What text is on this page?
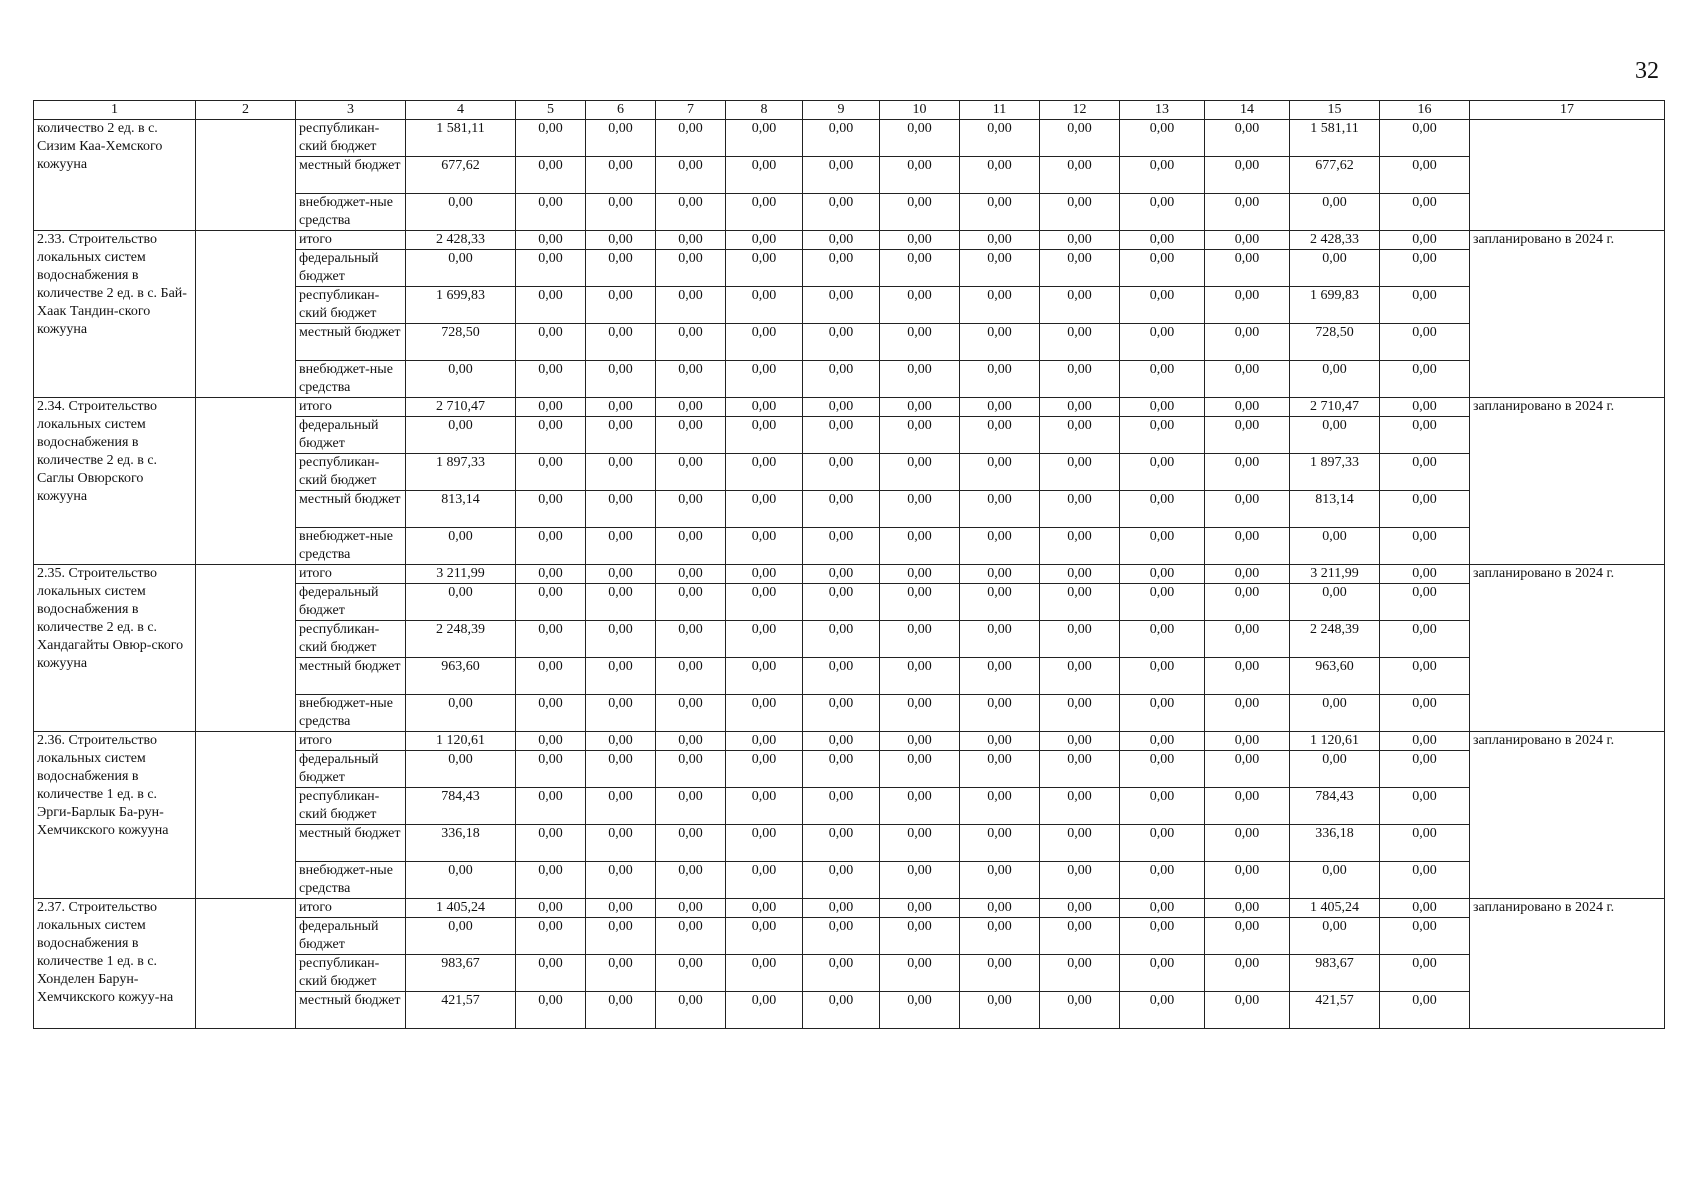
32
1	2	3	4	5	6	7	8	9	10	11	12	13	14	15	16	17
количество 2 ед. в с. Сизим Каа-Хемского кожууна		республикан-ский бюджет	1 581,11	0,00	0,00	0,00	0,00	0,00	0,00	0,00	0,00	0,00	0,00	1 581,11	0,00	
		местный бюджет	677,62	0,00	0,00	0,00	0,00	0,00	0,00	0,00	0,00	0,00	0,00	677,62	0,00	
		внебюджет-ные средства	0,00	0,00	0,00	0,00	0,00	0,00	0,00	0,00	0,00	0,00	0,00	0,00	0,00	
2.33. Строительство локальных систем водоснабжения в количестве 2 ед. в с. Бай-Хаак Тандин-ского кожууна		итого	2 428,33	0,00	0,00	0,00	0,00	0,00	0,00	0,00	0,00	0,00	0,00	2 428,33	0,00	запланировано в 2024 г.
		федеральный бюджет	0,00	0,00	0,00	0,00	0,00	0,00	0,00	0,00	0,00	0,00	0,00	0,00	0,00	
		республикан-ский бюджет	1 699,83	0,00	0,00	0,00	0,00	0,00	0,00	0,00	0,00	0,00	0,00	1 699,83	0,00	
		местный бюджет	728,50	0,00	0,00	0,00	0,00	0,00	0,00	0,00	0,00	0,00	0,00	728,50	0,00	
		внебюджет-ные средства	0,00	0,00	0,00	0,00	0,00	0,00	0,00	0,00	0,00	0,00	0,00	0,00	0,00	
2.34. Строительство локальных систем водоснабжения в количестве 2 ед. в с. Саглы Овюрского кожууна		итого	2 710,47	0,00	0,00	0,00	0,00	0,00	0,00	0,00	0,00	0,00	0,00	2 710,47	0,00	запланировано в 2024 г.
		федеральный бюджет	0,00	0,00	0,00	0,00	0,00	0,00	0,00	0,00	0,00	0,00	0,00	0,00	0,00	
		республикан-ский бюджет	1 897,33	0,00	0,00	0,00	0,00	0,00	0,00	0,00	0,00	0,00	0,00	1 897,33	0,00	
		местный бюджет	813,14	0,00	0,00	0,00	0,00	0,00	0,00	0,00	0,00	0,00	0,00	813,14	0,00	
		внебюджет-ные средства	0,00	0,00	0,00	0,00	0,00	0,00	0,00	0,00	0,00	0,00	0,00	0,00	0,00	
2.35. Строительство локальных систем водоснабжения в количестве 2 ед. в с. Хандагайты Овюр-ского кожууна		итого	3 211,99	0,00	0,00	0,00	0,00	0,00	0,00	0,00	0,00	0,00	0,00	3 211,99	0,00	запланировано в 2024 г.
		федеральный бюджет	0,00	0,00	0,00	0,00	0,00	0,00	0,00	0,00	0,00	0,00	0,00	0,00	0,00	
		республикан-ский бюджет	2 248,39	0,00	0,00	0,00	0,00	0,00	0,00	0,00	0,00	0,00	0,00	2 248,39	0,00	
		местный бюджет	963,60	0,00	0,00	0,00	0,00	0,00	0,00	0,00	0,00	0,00	0,00	963,60	0,00	
		внебюджет-ные средства	0,00	0,00	0,00	0,00	0,00	0,00	0,00	0,00	0,00	0,00	0,00	0,00	0,00	
2.36. Строительство локальных систем водоснабжения в количестве 1 ед. в с. Эрги-Барлык Ба-рун-Хемчикского кожууна		итого	1 120,61	0,00	0,00	0,00	0,00	0,00	0,00	0,00	0,00	0,00	0,00	1 120,61	0,00	запланировано в 2024 г.
		федеральный бюджет	0,00	0,00	0,00	0,00	0,00	0,00	0,00	0,00	0,00	0,00	0,00	0,00	0,00	
		республикан-ский бюджет	784,43	0,00	0,00	0,00	0,00	0,00	0,00	0,00	0,00	0,00	0,00	784,43	0,00	
		местный бюджет	336,18	0,00	0,00	0,00	0,00	0,00	0,00	0,00	0,00	0,00	0,00	336,18	0,00	
		внебюджет-ные средства	0,00	0,00	0,00	0,00	0,00	0,00	0,00	0,00	0,00	0,00	0,00	0,00	0,00	
2.37. Строительство локальных систем водоснабжения в количестве 1 ед. в с. Хонделен Барун-Хемчикского кожуу-на		итого	1 405,24	0,00	0,00	0,00	0,00	0,00	0,00	0,00	0,00	0,00	0,00	1 405,24	0,00	запланировано в 2024 г.
		федеральный бюджет	0,00	0,00	0,00	0,00	0,00	0,00	0,00	0,00	0,00	0,00	0,00	0,00	0,00	
		республикан-ский бюджет	983,67	0,00	0,00	0,00	0,00	0,00	0,00	0,00	0,00	0,00	0,00	983,67	0,00	
		местный бюджет	421,57	0,00	0,00	0,00	0,00	0,00	0,00	0,00	0,00	0,00	0,00	421,57	0,00	
